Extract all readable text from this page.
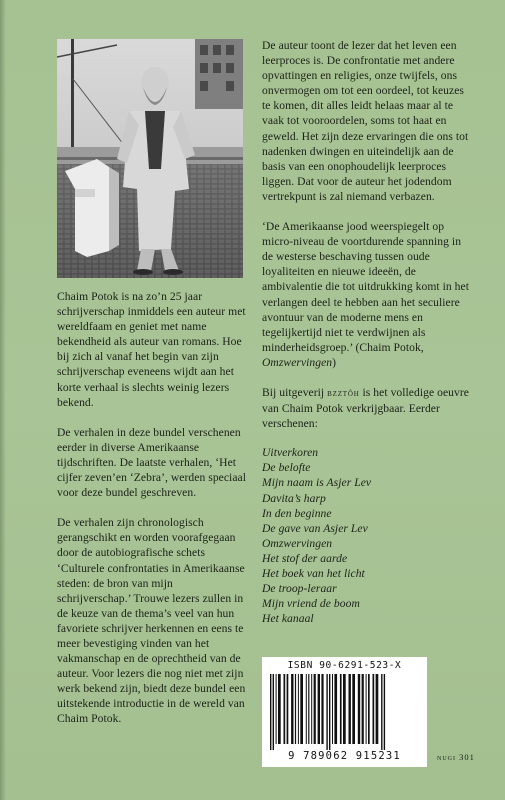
Chaim Potok is na zo’n 25 jaar schrijverschap inmiddels een auteur met wereldfaam en geniet met name bekendheid als auteur van romans. Hoe bij zich al vanaf het begin van zijn schrijverschap eveneens wijdt aan het korte verhaal is slechts weinig lezers bekend.

De verhalen in deze bundel verschenen eerder in diverse Amerikaanse tijdschriften. De laatste verhalen, ‘Het cijfer zeven’en ‘Zebra’, werden speciaal voor deze bundel geschreven.

De verhalen zijn chronologisch gerangschikt en worden voorafgegaan door de autobiografische schets ‘Culturele confrontaties in Amerikaanse steden: de bron van mijn schrijverschap.’ Trouwe lezers zullen in de keuze van de thema’s veel van hun favoriete schrijver herkennen en eens te meer bevestiging vinden van het vakmanschap en de oprechtheid van de auteur. Voor lezers die nog niet met zijn werk bekend zijn, biedt deze bundel een uitstekende introductie in de wereld van Chaim Potok.

De auteur toont de lezer dat het leven een leerproces is. De confrontatie met andere opvattingen en religies, onze twijfels, ons onvermogen om tot een oordeel, tot keuzes te komen, dit alles leidt helaas maar al te vaak tot vooroordelen, soms tot haat en geweld. Het zijn deze ervaringen die ons tot nadenken dwingen en uiteindelijk aan de basis van een onophoudelijk leerproces liggen. Dat voor de auteur het jodendom vertrekpunt is zal niemand verbazen.

‘De Amerikaanse jood weerspiegelt op micro-niveau de voortdurende spanning in de westerse beschaving tussen oude loyaliteiten en nieuwe ideeën, de ambivalentie die tot uitdrukking komt in het verlangen deel te hebben aan het seculiere avontuur van de moderne mens en tegelijkertijd niet te verdwijnen als minderheidsgroep.’ (Chaim Potok, Omzwervingen)

Bij uitgeverij bzztôh is het volledige oeuvre van Chaim Potok verkrijgbaar. Eerder verschenen:

Uitverkoren
De belofte
Mijn naam is Asjer Lev
Davita’s harp
In den beginne
De gave van Asjer Lev
Omzwervingen
Het stof der aarde
Het boek van het licht
De troop-leraar
Mijn vriend de boom
Het kanaal
ISBN 90-6291-523-X
9 789062 915231	nugi 301
